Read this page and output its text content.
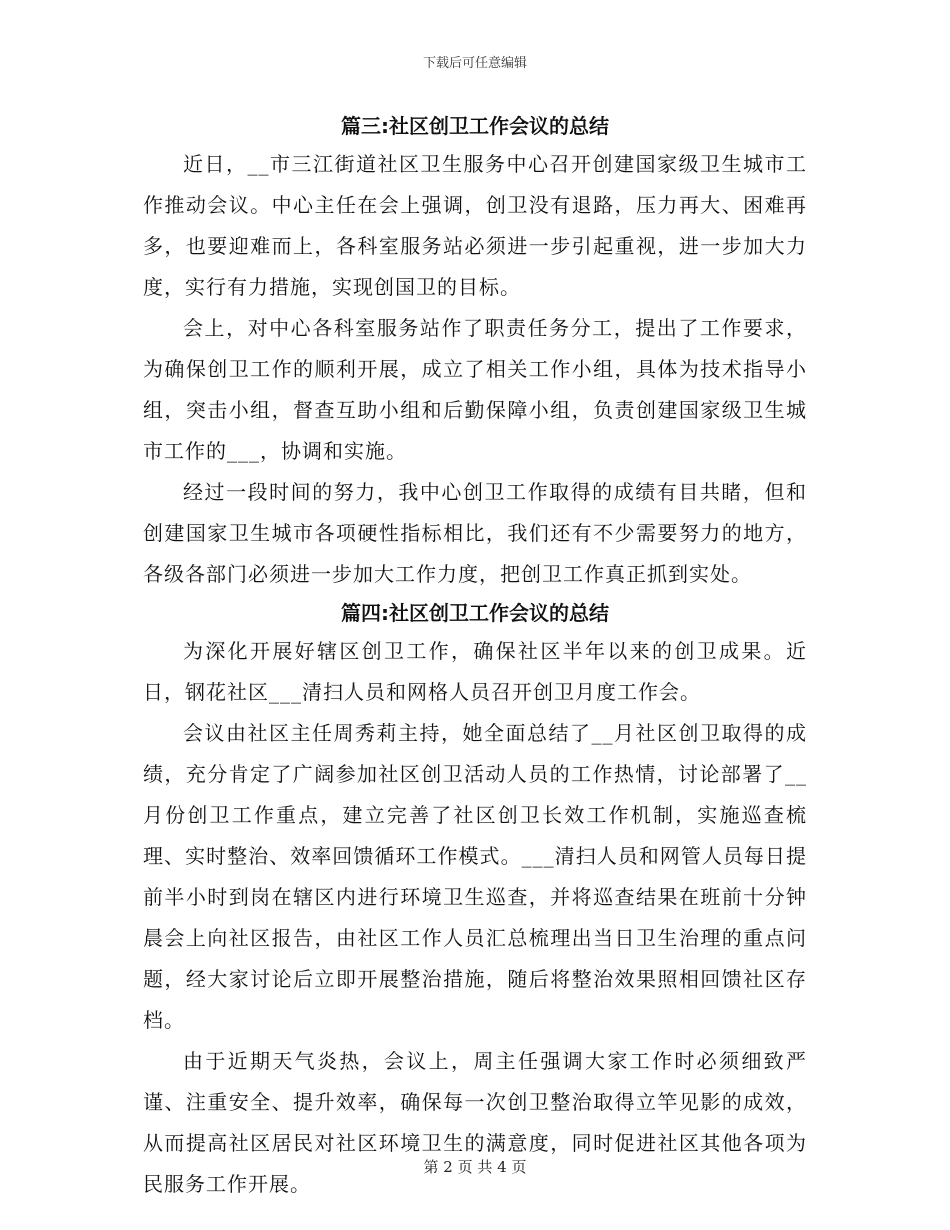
下载后可任意编辑
篇三:社区创卫工作会议的总结

近日，__市三江街道社区卫生服务中心召开创建国家级卫生城市工作推动会议。中心主任在会上强调，创卫没有退路，压力再大、困难再多，也要迎难而上，各科室服务站必须进一步引起重视，进一步加大力度，实行有力措施，实现创国卫的目标。

会上，对中心各科室服务站作了职责任务分工，提出了工作要求，为确保创卫工作的顺利开展，成立了相关工作小组，具体为技术指导小组，突击小组，督查互助小组和后勤保障小组，负责创建国家级卫生城市工作的___，协调和实施。

经过一段时间的努力，我中心创卫工作取得的成绩有目共睹，但和创建国家卫生城市各项硬性指标相比，我们还有不少需要努力的地方，各级各部门必须进一步加大工作力度，把创卫工作真正抓到实处。

篇四:社区创卫工作会议的总结

为深化开展好辖区创卫工作，确保社区半年以来的创卫成果。近日，钢花社区___清扫人员和网格人员召开创卫月度工作会。

会议由社区主任周秀莉主持，她全面总结了__月社区创卫取得的成绩，充分肯定了广阔参加社区创卫活动人员的工作热情，讨论部署了__月份创卫工作重点，建立完善了社区创卫长效工作机制，实施巡查梳理、实时整治、效率回馈循环工作模式。___清扫人员和网管人员每日提前半小时到岗在辖区内进行环境卫生巡查，并将巡查结果在班前十分钟晨会上向社区报告，由社区工作人员汇总梳理出当日卫生治理的重点问题，经大家讨论后立即开展整治措施，随后将整治效果照相回馈社区存档。

由于近期天气炎热，会议上，周主任强调大家工作时必须细致严谨、注重安全、提升效率，确保每一次创卫整治取得立竿见影的成效，从而提高社区居民对社区环境卫生的满意度，同时促进社区其他各项为民服务工作开展。

第 2 页 共 4 页
